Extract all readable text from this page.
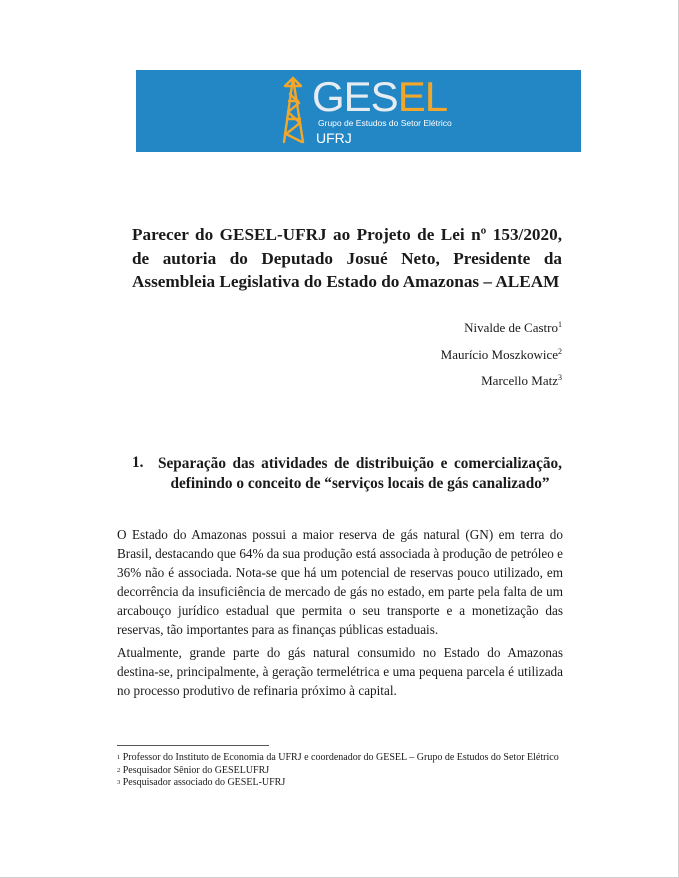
GESEL
Grupo de Estudos do Setor Elétrico
UFRJ
Parecer do GESEL-UFRJ ao Projeto de Lei nº 153/2020, de autoria do Deputado Josué Neto, Presidente da Assembleia Legislativa do Estado do Amazonas – ALEAM
Nivalde de Castro$^1$
Maurício Moszkowice$^2$
Marcello Matz$^3$
1. Separação das atividades de distribuição e comercialização, definindo o conceito de “serviços locais de gás canalizado”
O Estado do Amazonas possui a maior reserva de gás natural (GN) em terra do Brasil, destacando que 64% da sua produção está associada à produção de petróleo e 36% não é associada. Nota-se que há um potencial de reservas pouco utilizado, em decorrência da insuficiência de mercado de gás no estado, em parte pela falta de um arcabouço jurídico estadual que permita o seu transporte e a monetização das reservas, tão importantes para as finanças públicas estaduais.
Atualmente, grande parte do gás natural consumido no Estado do Amazonas destina-se, principalmente, à geração termelétrica e uma pequena parcela é utilizada no processo produtivo de refinaria próximo à capital.
$^1$ Professor do Instituto de Economia da UFRJ e coordenador do GESEL – Grupo de Estudos do Setor Elétrico
$^2$ Pesquisador Sênior do GESELUFRJ
$^3$ Pesquisador associado do GESEL-UFRJ
